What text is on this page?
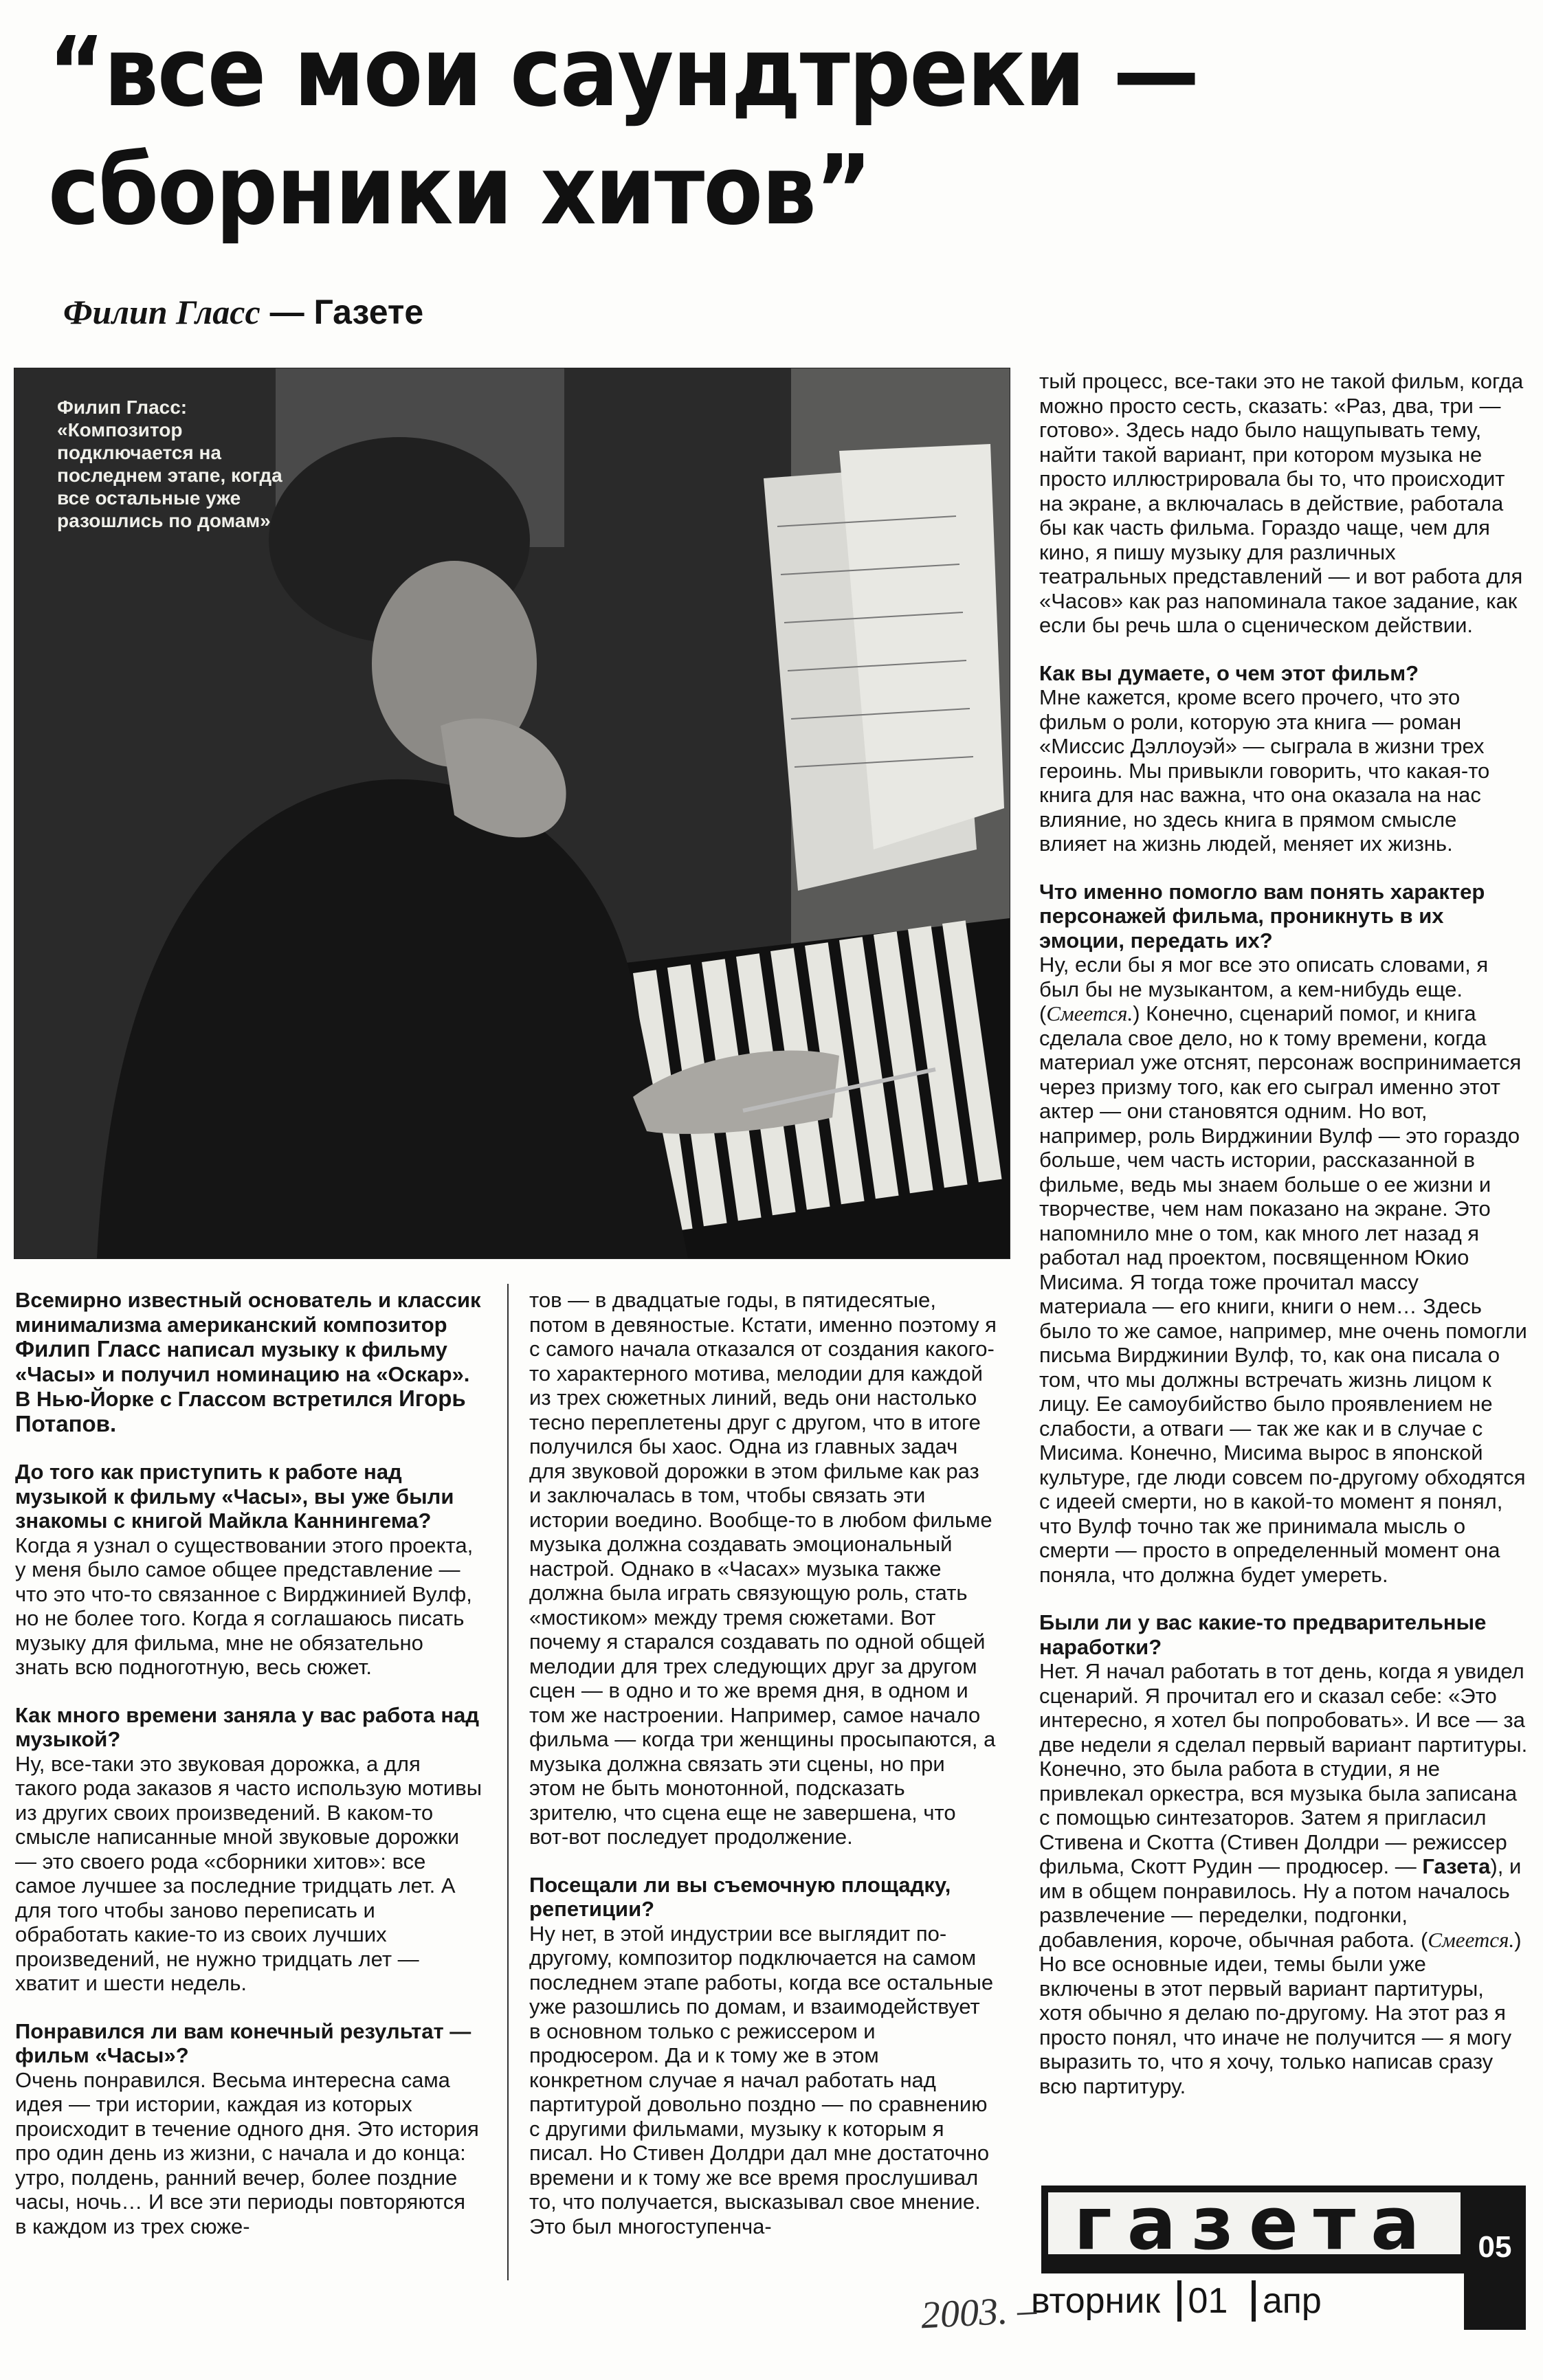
“все мои саундтреки —
сборники хитов”
Филип Гласс — Газете
Филип Гласс: «Композитор подключается на последнем этапе, когда все остальные уже разошлись по домам»

Всемирно известный основатель и классик минимализма американский композитор Филип Гласс написал музыку к фильму «Часы» и получил номинацию на «Оскар». В Нью-Йорке с Глассом встретился Игорь Потапов.

До того как приступить к работе над музыкой к фильму «Часы», вы уже были знакомы с книгой Майкла Каннингема?

Когда я узнал о существовании этого проекта, у меня было самое общее представление — что это что-то связанное с Вирджинией Вулф, но не более того. Когда я соглашаюсь писать музыку для фильма, мне не обязательно знать всю подноготную, весь сюжет.

Как много времени заняла у вас работа над музыкой?

Ну, все-таки это звуковая дорожка, а для такого рода заказов я часто использую мотивы из других своих произведений. В каком-то смысле написанные мной звуковые дорожки — это своего рода «сборники хитов»: все самое лучшее за последние тридцать лет. А для того чтобы заново переписать и обработать какие-то из своих лучших произведений, не нужно тридцать лет — хватит и шести недель.

Понравился ли вам конечный результат — фильм «Часы»?

Очень понравился. Весьма интересна сама идея — три истории, каждая из которых происходит в течение одного дня. Это история про один день из жизни, с начала и до конца: утро, полдень, ранний вечер, более поздние часы, ночь… И все эти периоды повторяются в каждом из трех сюже-

тов — в двадцатые годы, в пятидесятые, потом в девяностые. Кстати, именно поэтому я с самого начала отказался от создания какого-то характерного мотива, мелодии для каждой из трех сюжетных линий, ведь они настолько тесно переплетены друг с другом, что в итоге получился бы хаос. Одна из главных задач для звуковой дорожки в этом фильме как раз и заключалась в том, чтобы связать эти истории воедино. Вообще-то в любом фильме музыка должна создавать эмоциональный настрой. Однако в «Часах» музыка также должна была играть связующую роль, стать «мостиком» между тремя сюжетами. Вот почему я старался создавать по одной общей мелодии для трех следующих друг за другом сцен — в одно и то же время дня, в одном и том же настроении. Например, самое начало фильма — когда три женщины просыпаются, а музыка должна связать эти сцены, но при этом не быть монотонной, подсказать зрителю, что сцена еще не завершена, что вот-вот последует продолжение.

Посещали ли вы съемочную площадку, репетиции?

Ну нет, в этой индустрии все выглядит по-другому, композитор подключается на самом последнем этапе работы, когда все остальные уже разошлись по домам, и взаимодействует в основном только с режиссером и продюсером. Да и к тому же в этом конкретном случае я начал работать над партитурой довольно поздно — по сравнению с другими фильмами, музыку к которым я писал. Но Стивен Долдри дал мне достаточно времени и к тому же все время прослушивал то, что получается, высказывал свое мнение. Это был многоступенча-

тый процесс, все-таки это не такой фильм, когда можно просто сесть, сказать: «Раз, два, три — готово». Здесь надо было нащупывать тему, найти такой вариант, при котором музыка не просто иллюстрировала бы то, что происходит на экране, а включалась в действие, работала бы как часть фильма. Гораздо чаще, чем для кино, я пишу музыку для различных театральных представлений — и вот работа для «Часов» как раз напоминала такое задание, как если бы речь шла о сценическом действии.

Как вы думаете, о чем этот фильм?

Мне кажется, кроме всего прочего, что это фильм о роли, которую эта книга — роман «Миссис Дэллоуэй» — сыграла в жизни трех героинь. Мы привыкли говорить, что какая-то книга для нас важна, что она оказала на нас влияние, но здесь книга в прямом смысле влияет на жизнь людей, меняет их жизнь.

Что именно помогло вам понять характер персонажей фильма, проникнуть в их эмоции, передать их?

Ну, если бы я мог все это описать словами, я был бы не музыкантом, а кем-нибудь еще. (Смеется.) Конечно, сценарий помог, и книга сделала свое дело, но к тому времени, когда материал уже отснят, персонаж воспринимается через призму того, как его сыграл именно этот актер — они становятся одним. Но вот, например, роль Вирджинии Вулф — это гораздо больше, чем часть истории, рассказанной в фильме, ведь мы знаем больше о ее жизни и творчестве, чем нам показано на экране. Это напомнило мне о том, как много лет назад я работал над проектом, посвященном Юкио Мисима. Я тогда тоже прочитал массу материала — его книги, книги о нем… Здесь было то же самое, например, мне очень помогли письма Вирджинии Вулф, то, как она писала о том, что мы должны встречать жизнь лицом к лицу. Ее самоубийство было проявлением не слабости, а отваги — так же как и в случае с Мисима. Конечно, Мисима вырос в японской культуре, где люди совсем по-другому обходятся с идеей смерти, но в какой-то момент я понял, что Вулф точно так же принимала мысль о смерти — просто в определенный момент она поняла, что должна будет умереть.

Были ли у вас какие-то предварительные наработки?

Нет. Я начал работать в тот день, когда я увидел сценарий. Я прочитал его и сказал себе: «Это интересно, я хотел бы попробовать». И все — за две недели я сделал первый вариант партитуры. Конечно, это была работа в студии, я не привлекал оркестра, вся музыка была записана с помощью синтезаторов. Затем я пригласил Стивена и Скотта (Стивен Долдри — режиссер фильма, Скотт Рудин — продюсер. — Газета), и им в общем понравилось. Ну а потом началось развлечение — переделки, подгонки, добавления, короче, обычная работа. (Смеется.) Но все основные идеи, темы были уже включены в этот первый вариант партитуры, хотя обычно я делаю по-другому. На этот раз я просто понял, что иначе не получится — я могу выразить то, что я хочу, только написав сразу всю партитуру.

газета	05
вторник 01 апр
2003. –
